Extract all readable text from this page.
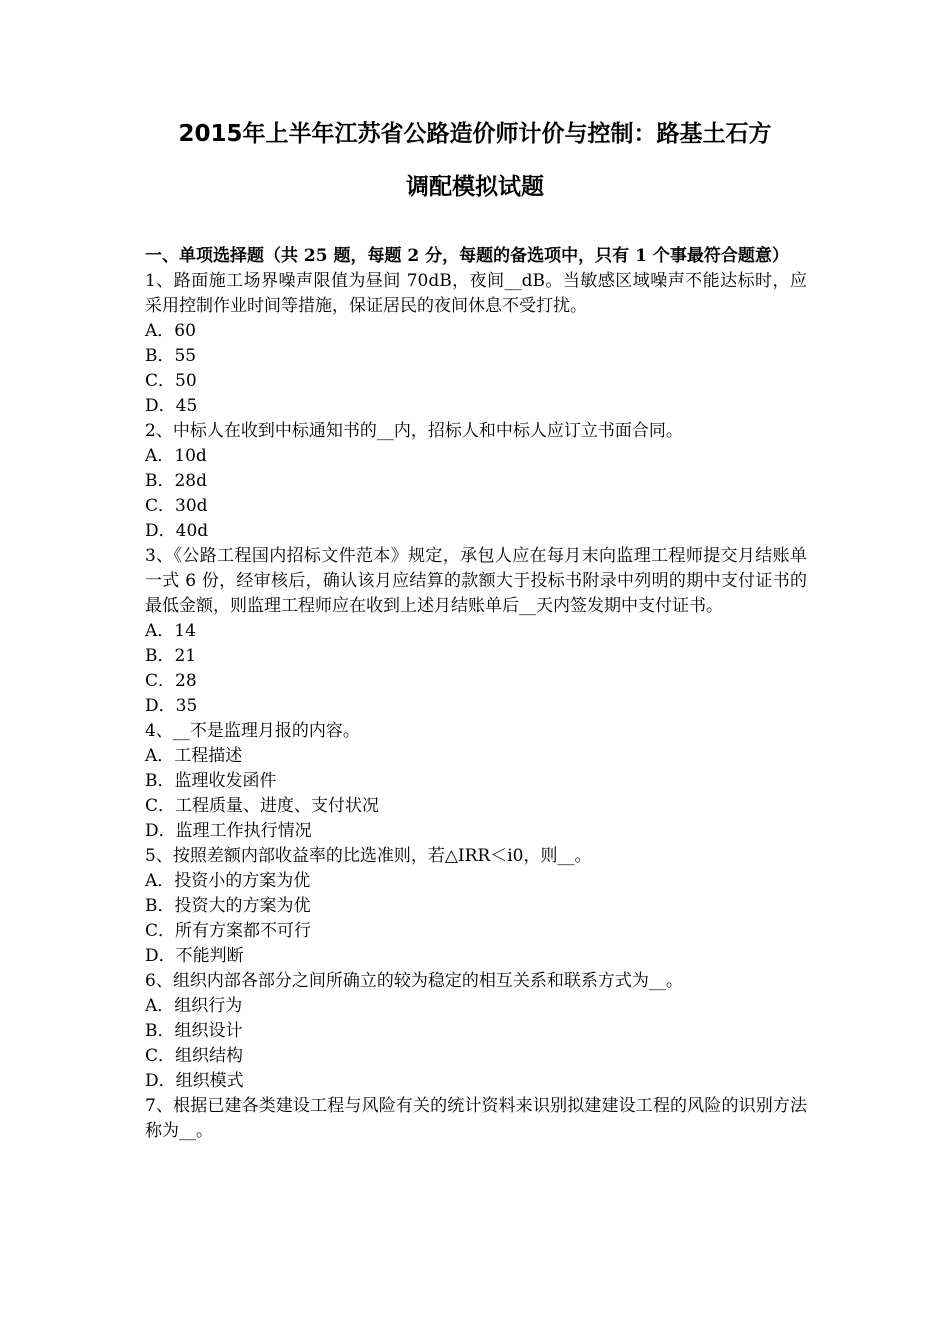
2015年上半年江苏省公路造价师计价与控制：路基土石方
调配模拟试题

一、单项选择题（共 25 题，每题 2 分，每题的备选项中，只有 1 个事最符合题意）

1、路面施工场界噪声限值为昼间 70dB，夜间__dB。当敏感区域噪声不能达标时，应采用控制作业时间等措施，保证居民的夜间休息不受打扰。

A．60

B．55

C．50

D．45

2、中标人在收到中标通知书的__内，招标人和中标人应订立书面合同。

A．10d

B．28d

C．30d

D．40d

3、《公路工程国内招标文件范本》规定，承包人应在每月末向监理工程师提交月结账单一式 6 份，经审核后，确认该月应结算的款额大于投标书附录中列明的期中支付证书的最低金额，则监理工程师应在收到上述月结账单后__天内签发期中支付证书。

A．14

B．21

C．28

D．35

4、__不是监理月报的内容。

A．工程描述

B．监理收发函件

C．工程质量、进度、支付状况

D．监理工作执行情况

5、按照差额内部收益率的比选准则，若△IRR＜i0，则__。

A．投资小的方案为优

B．投资大的方案为优

C．所有方案都不可行

D．不能判断

6、组织内部各部分之间所确立的较为稳定的相互关系和联系方式为__。

A．组织行为

B．组织设计

C．组织结构

D．组织模式

7、根据已建各类建设工程与风险有关的统计资料来识别拟建建设工程的风险的识别方法称为__。
